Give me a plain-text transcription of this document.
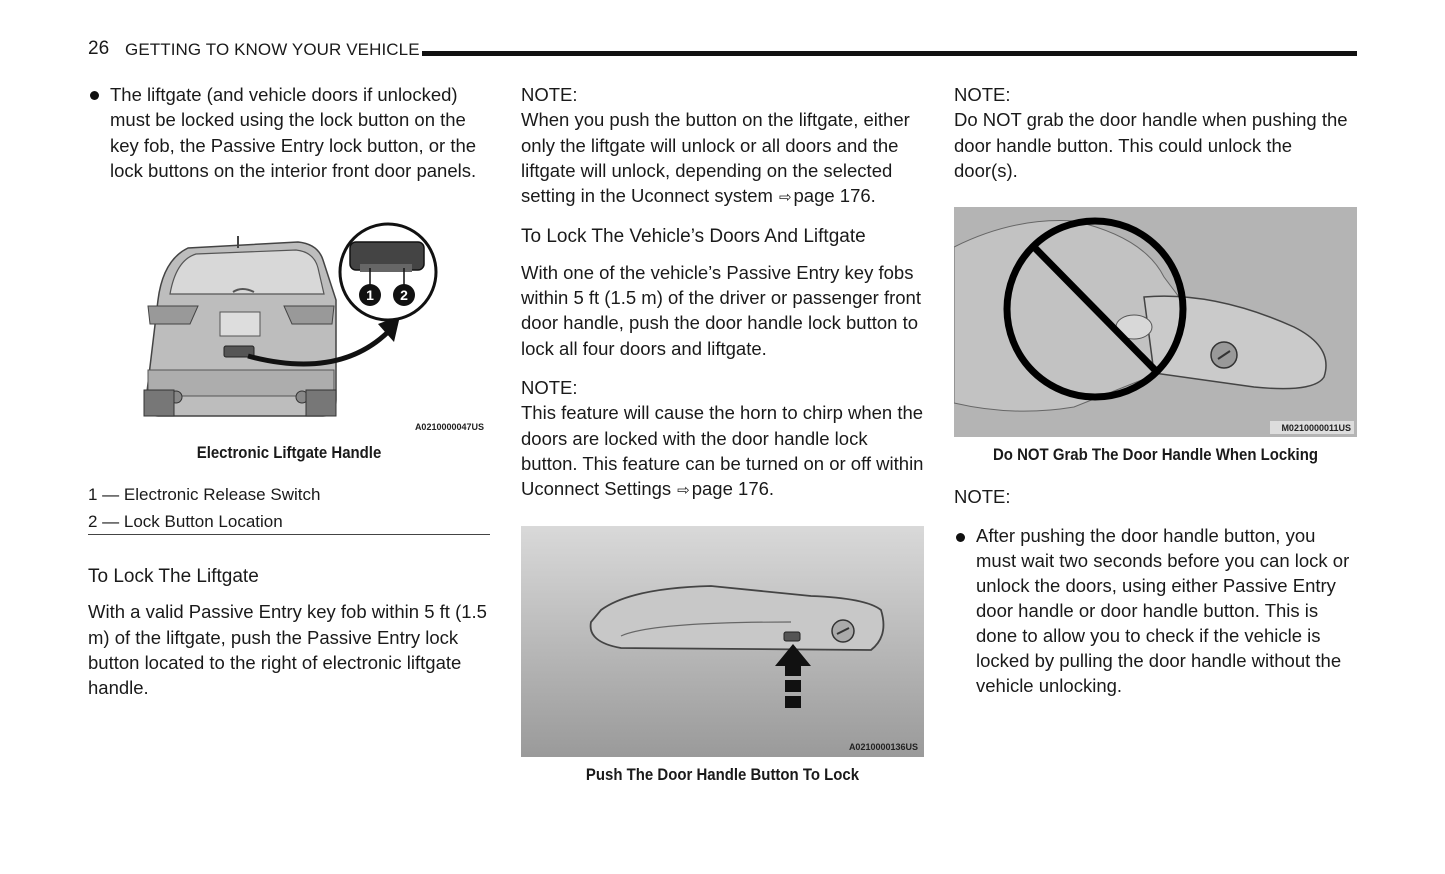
26 GETTING TO KNOW YOUR VEHICLE

The liftgate (and vehicle doors if unlocked) must be locked using the lock button on the key fob, the Passive Entry lock button, or the lock buttons on the interior front door panels.

1 2
A0210000047US
Electronic Liftgate Handle
1 — Electronic Release Switch
2 — Lock Button Location

To Lock The Liftgate

With a valid Passive Entry key fob within 5 ft (1.5 m) of the liftgate, push the Passive Entry lock button located to the right of electronic liftgate handle.

NOTE:

When you push the button on the liftgate, either only the liftgate will unlock or all doors and the liftgate will unlock, depending on the selected setting in the Uconnect system ⇨ page 176.

To Lock The Vehicle’s Doors And Liftgate

With one of the vehicle’s Passive Entry key fobs within 5 ft (1.5 m) of the driver or passenger front door handle, push the door handle lock button to lock all four doors and liftgate.

NOTE:

This feature will cause the horn to chirp when the doors are locked with the door handle lock button. This feature can be turned on or off within Uconnect Settings ⇨ page 176.

A0210000136US
Push The Door Handle Button To Lock

NOTE:

Do NOT grab the door handle when pushing the door handle button. This could unlock the door(s).

M0210000011US
Do NOT Grab The Door Handle When Locking

NOTE:

After pushing the door handle button, you must wait two seconds before you can lock or unlock the doors, using either Passive Entry door handle or door handle button. This is done to allow you to check if the vehicle is locked by pulling the door handle without the vehicle unlocking.
